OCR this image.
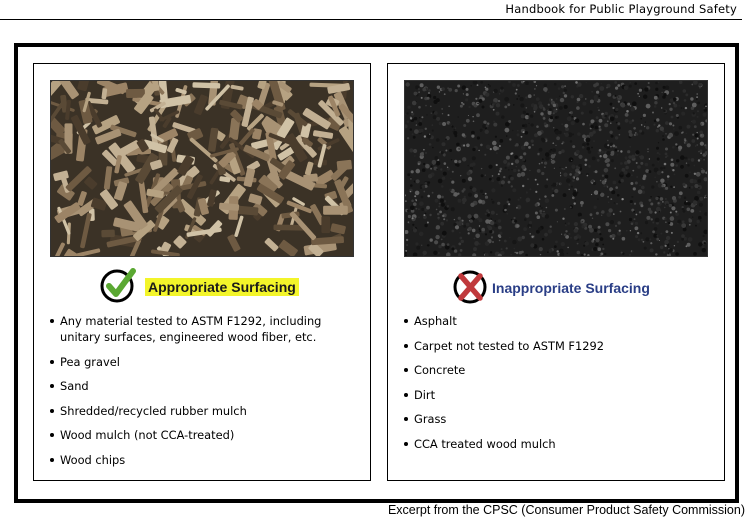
Handbook for Public Playground Safety
Appropriate Surfacing
Any material tested to ASTM F1292, including unitary surfaces, engineered wood fiber, etc.
Pea gravel
Sand
Shredded/recycled rubber mulch
Wood mulch (not CCA-treated)
Wood chips
Inappropriate Surfacing
Asphalt
Carpet not tested to ASTM F1292
Concrete
Dirt
Grass
CCA treated wood mulch
Excerpt from the CPSC (Consumer Product Safety Commission)
